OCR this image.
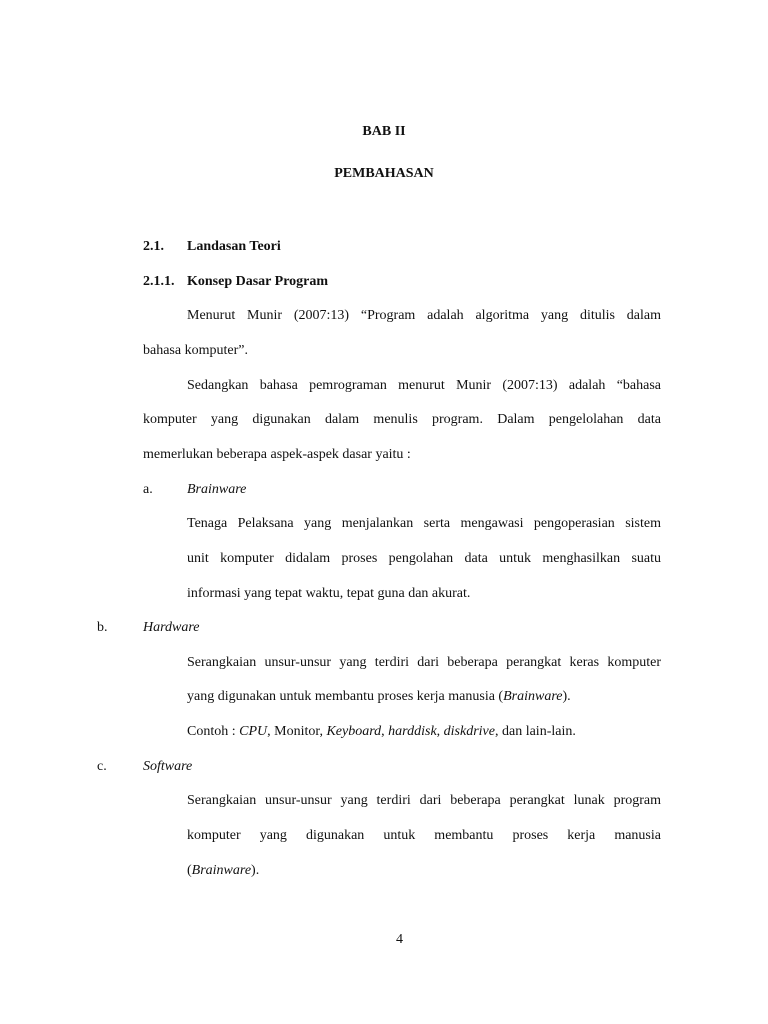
BAB II
PEMBAHASAN
2.1. Landasan Teori
2.1.1. Konsep Dasar Program
Menurut Munir (2007:13) “Program adalah algoritma yang ditulis dalam
bahasa komputer”.
Sedangkan bahasa pemrograman menurut Munir (2007:13) adalah “bahasa
komputer yang digunakan dalam menulis program. Dalam pengelolahan data
memerlukan beberapa aspek-aspek dasar yaitu :
a. Brainware
Tenaga Pelaksana yang menjalankan serta mengawasi pengoperasian sistem
unit komputer didalam proses pengolahan data untuk menghasilkan suatu
informasi yang tepat waktu, tepat guna dan akurat.
b.	Hardware
Serangkaian unsur-unsur yang terdiri dari beberapa perangkat keras komputer
yang digunakan untuk membantu proses kerja manusia (Brainware).
Contoh : CPU, Monitor, Keyboard, harddisk, diskdrive, dan lain-lain.
c.	Software
Serangkaian unsur-unsur yang terdiri dari beberapa perangkat lunak program
komputer yang digunakan untuk membantu proses kerja manusia
(Brainware).
4
